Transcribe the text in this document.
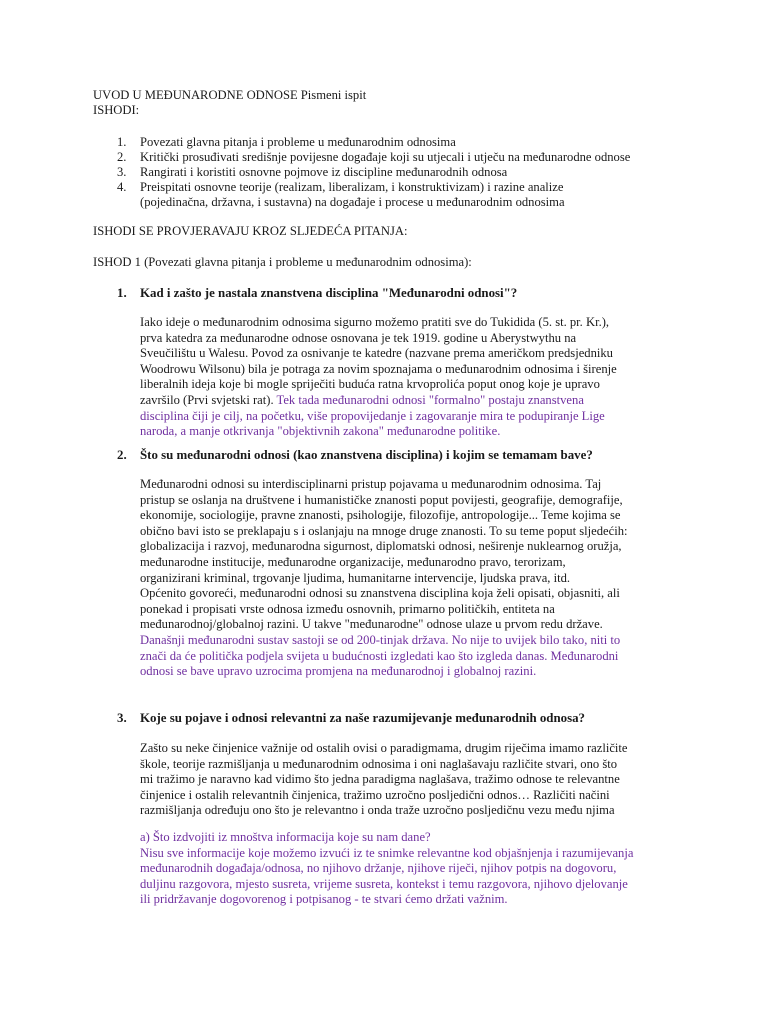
UVOD U MEĐUNARODNE ODNOSE Pismeni ispit
ISHODI:
1. Povezati glavna pitanja i probleme u međunarodnim odnosima
2. Kritički prosuđivati središnje povijesne događaje koji su utjecali i utječu na međunarodne odnose
3. Rangirati i koristiti osnovne pojmove iz discipline međunarodnih odnosa
4. Preispitati osnovne teorije (realizam, liberalizam, i konstruktivizam) i razine analize
(pojedinačna, državna, i sustavna) na događaje i procese u međunarodnim odnosima
ISHODI SE PROVJERAVAJU KROZ SLJEDEĆA PITANJA:
ISHOD 1 (Povezati glavna pitanja i probleme u međunarodnim odnosima):
1. Kad i zašto je nastala znanstvena disciplina "Međunarodni odnosi"?
Iako ideje o međunarodnim odnosima sigurno možemo pratiti sve do Tukidida (5. st. pr. Kr.),
prva katedra za međunarodne odnose osnovana je tek 1919. godine u Aberystwythu na
Sveučilištu u Walesu. Povod za osnivanje te katedre (nazvane prema američkom predsjedniku
Woodrowu Wilsonu) bila je potraga za novim spoznajama o međunarodnim odnosima i širenje
liberalnih ideja koje bi mogle spriječiti buduća ratna krvoprolića poput onog koje je upravo
završilo (Prvi svjetski rat). Tek tada međunarodni odnosi "formalno" postaju znanstvena
disciplina čiji je cilj, na početku, više propovijedanje i zagovaranje mira te podupiranje Lige
naroda, a manje otkrivanja "objektivnih zakona" međunarodne politike.
2. Što su međunarodni odnosi (kao znanstvena disciplina) i kojim se temamam bave?
Međunarodni odnosi su interdisciplinarni pristup pojavama u međunarodnim odnosima. Taj
pristup se oslanja na društvene i humanističke znanosti poput povijesti, geografije, demografije,
ekonomije, sociologije, pravne znanosti, psihologije, filozofije, antropologije... Teme kojima se
obično bavi isto se preklapaju s i oslanjaju na mnoge druge znanosti. To su teme poput sljedećih:
globalizacija i razvoj, međunarodna sigurnost, diplomatski odnosi, neširenje nuklearnog oružja,
međunarodne institucije, međunarodne organizacije, međunarodno pravo, terorizam,
organizirani kriminal, trgovanje ljudima, humanitarne intervencije, ljudska prava, itd.
Općenito govoreći, međunarodni odnosi su znanstvena disciplina koja želi opisati, objasniti, ali
ponekad i propisati vrste odnosa između osnovnih, primarno političkih, entiteta na
međunarodnoj/globalnoj razini. U takve "međunarodne" odnose ulaze u prvom redu države.
Današnji međunarodni sustav sastoji se od 200-tinjak država. No nije to uvijek bilo tako, niti to
znači da će politička podjela svijeta u budućnosti izgledati kao što izgleda danas. Međunarodni
odnosi se bave upravo uzrocima promjena na međunarodnoj i globalnoj razini.
3. Koje su pojave i odnosi relevantni za naše razumijevanje međunarodnih odnosa?
Zašto su neke činjenice važnije od ostalih ovisi o paradigmama, drugim riječima imamo različite
škole, teorije razmišljanja u međunarodnim odnosima i oni naglašavaju različite stvari, ono što
mi tražimo je naravno kad vidimo što jedna paradigma naglašava, tražimo odnose te relevantne
činjenice i ostalih relevantnih činjenica, tražimo uzročno posljedični odnos… Različiti načini
razmišljanja određuju ono što je relevantno i onda traže uzročno posljedičnu vezu među njima
a) Što izdvojiti iz mnoštva informacija koje su nam dane?
Nisu sve informacije koje možemo izvući iz te snimke relevantne kod objašnjenja i razumijevanja
međunarodnih događaja/odnosa, no njihovo držanje, njihove riječi, njihov potpis na dogovoru,
duljinu razgovora, mjesto susreta, vrijeme susreta, kontekst i temu razgovora, njihovo djelovanje
ili pridržavanje dogovorenog i potpisanog - te stvari ćemo držati važnim.
